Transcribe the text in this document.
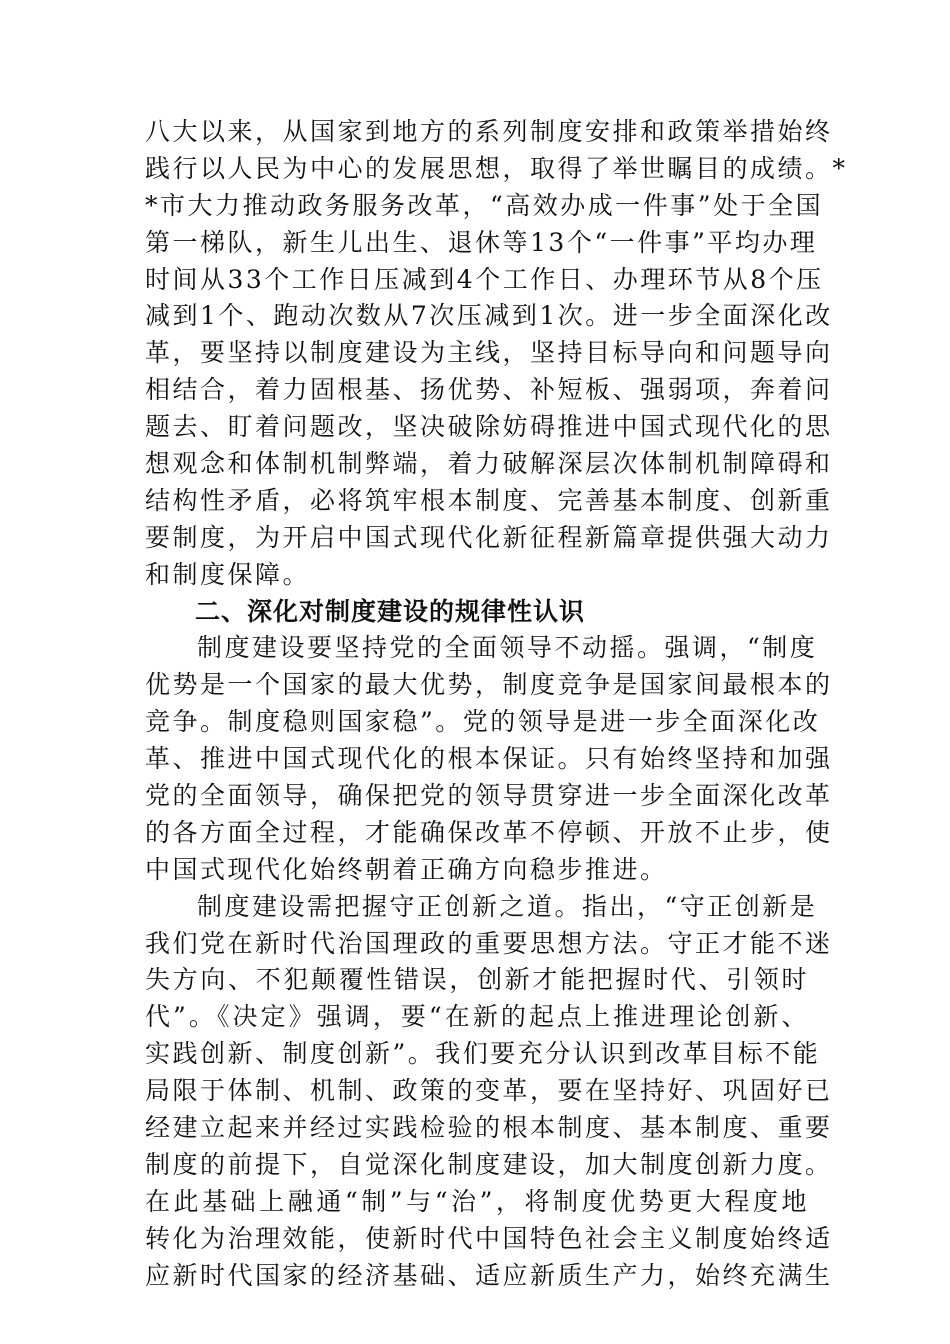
八大以来，从国家到地方的系列制度安排和政策举措始终
践行以人民为中心的发展思想，取得了举世瞩目的成绩。*
*市大力推动政务服务改革，“高效办成一件事”处于全国
第一梯队，新生儿出生、退休等13个“一件事”平均办理
时间从33个工作日压减到4个工作日、办理环节从8个压
减到1个、跑动次数从7次压减到1次。进一步全面深化改
革，要坚持以制度建设为主线，坚持目标导向和问题导向
相结合，着力固根基、扬优势、补短板、强弱项，奔着问
题去、盯着问题改，坚决破除妨碍推进中国式现代化的思
想观念和体制机制弊端，着力破解深层次体制机制障碍和
结构性矛盾，必将筑牢根本制度、完善基本制度、创新重
要制度，为开启中国式现代化新征程新篇章提供强大动力
和制度保障。
二、深化对制度建设的规律性认识
制度建设要坚持党的全面领导不动摇。强调，“制度
优势是一个国家的最大优势，制度竞争是国家间最根本的
竞争。制度稳则国家稳”。党的领导是进一步全面深化改
革、推进中国式现代化的根本保证。只有始终坚持和加强
党的全面领导，确保把党的领导贯穿进一步全面深化改革
的各方面全过程，才能确保改革不停顿、开放不止步，使
中国式现代化始终朝着正确方向稳步推进。
制度建设需把握守正创新之道。指出，“守正创新是
我们党在新时代治国理政的重要思想方法。守正才能不迷
失方向、不犯颠覆性错误，创新才能把握时代、引领时
代”。《决定》强调，要“在新的起点上推进理论创新、
实践创新、制度创新”。我们要充分认识到改革目标不能
局限于体制、机制、政策的变革，要在坚持好、巩固好已
经建立起来并经过实践检验的根本制度、基本制度、重要
制度的前提下，自觉深化制度建设，加大制度创新力度。
在此基础上融通“制”与“治”，将制度优势更大程度地
转化为治理效能，使新时代中国特色社会主义制度始终适
应新时代国家的经济基础、适应新质生产力，始终充满生
